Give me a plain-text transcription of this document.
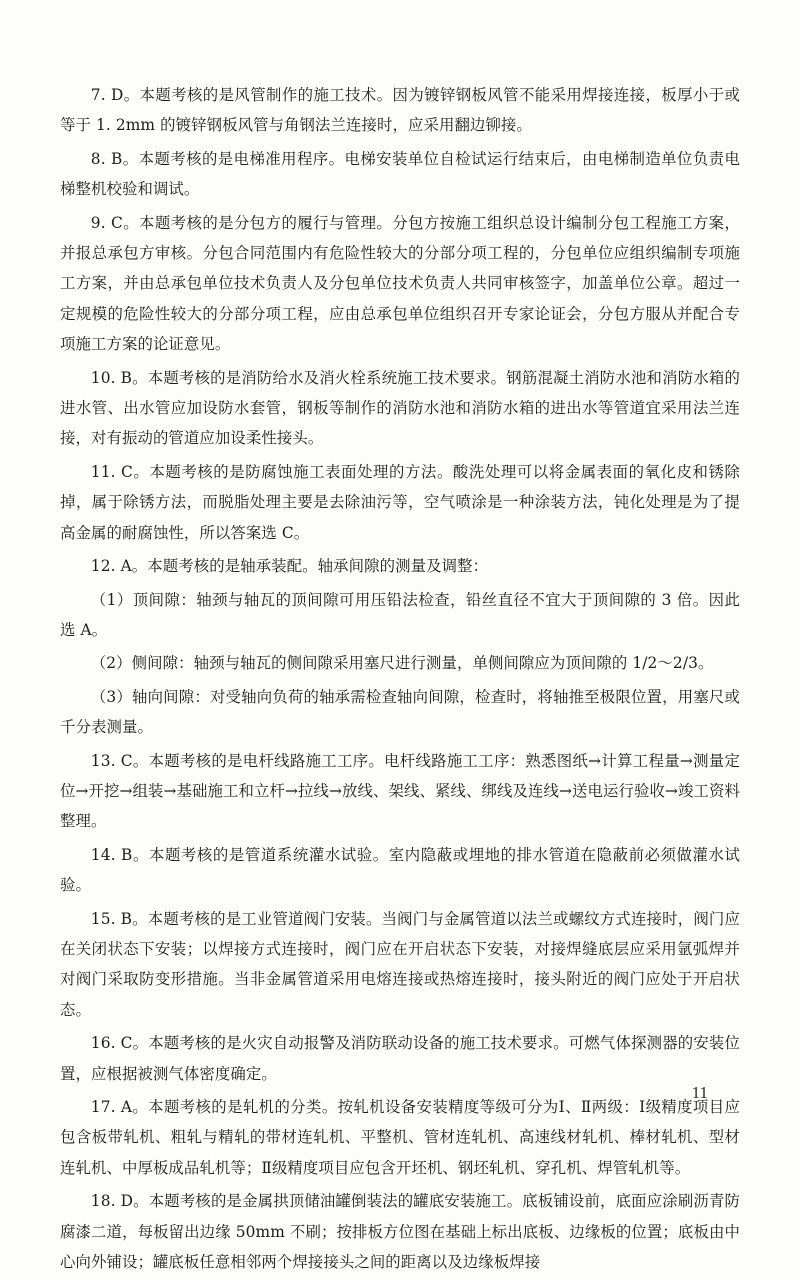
7. D。本题考核的是风管制作的施工技术。因为镀锌钢板风管不能采用焊接连接，板厚小于或等于 1. 2mm 的镀锌钢板风管与角钢法兰连接时，应采用翻边铆接。

8. B。本题考核的是电梯准用程序。电梯安装单位自检试运行结束后，由电梯制造单位负责电梯整机校验和调试。

9. C。本题考核的是分包方的履行与管理。分包方按施工组织总设计编制分包工程施工方案，并报总承包方审核。分包合同范围内有危险性较大的分部分项工程的，分包单位应组织编制专项施工方案，并由总承包单位技术负责人及分包单位技术负责人共同审核签字，加盖单位公章。超过一定规模的危险性较大的分部分项工程，应由总承包单位组织召开专家论证会，分包方服从并配合专项施工方案的论证意见。

10. B。本题考核的是消防给水及消火栓系统施工技术要求。钢筋混凝土消防水池和消防水箱的进水管、出水管应加设防水套管，钢板等制作的消防水池和消防水箱的进出水等管道宜采用法兰连接，对有振动的管道应加设柔性接头。

11. C。本题考核的是防腐蚀施工表面处理的方法。酸洗处理可以将金属表面的氧化皮和锈除掉，属于除锈方法，而脱脂处理主要是去除油污等，空气喷涂是一种涂装方法，钝化处理是为了提高金属的耐腐蚀性，所以答案选 C。

12. A。本题考核的是轴承装配。轴承间隙的测量及调整：

（1）顶间隙：轴颈与轴瓦的顶间隙可用压铅法检查，铅丝直径不宜大于顶间隙的 3 倍。因此选 A。

（2）侧间隙：轴颈与轴瓦的侧间隙采用塞尺进行测量，单侧间隙应为顶间隙的 1/2～2/3。

（3）轴向间隙：对受轴向负荷的轴承需检查轴向间隙，检查时，将轴推至极限位置，用塞尺或千分表测量。

13. C。本题考核的是电杆线路施工工序。电杆线路施工工序：熟悉图纸→计算工程量→测量定位→开挖→组装→基础施工和立杆→拉线→放线、架线、紧线、绑线及连线→送电运行验收→竣工资料整理。

14. B。本题考核的是管道系统灌水试验。室内隐蔽或埋地的排水管道在隐蔽前必须做灌水试验。

15. B。本题考核的是工业管道阀门安装。当阀门与金属管道以法兰或螺纹方式连接时，阀门应在关闭状态下安装；以焊接方式连接时，阀门应在开启状态下安装，对接焊缝底层应采用氩弧焊并对阀门采取防变形措施。当非金属管道采用电熔连接或热熔连接时，接头附近的阀门应处于开启状态。

16. C。本题考核的是火灾自动报警及消防联动设备的施工技术要求。可燃气体探测器的安装位置，应根据被测气体密度确定。

17. A。本题考核的是轧机的分类。按轧机设备安装精度等级可分为Ⅰ、Ⅱ两级：Ⅰ级精度项目应包含板带轧机、粗轧与精轧的带材连轧机、平整机、管材连轧机、高速线材轧机、棒材轧机、型材连轧机、中厚板成品轧机等；Ⅱ级精度项目应包含开坯机、钢坯轧机、穿孔机、焊管轧机等。

18. D。本题考核的是金属拱顶储油罐倒装法的罐底安装施工。底板铺设前，底面应涂刷沥青防腐漆二道，每板留出边缘 50mm 不刷；按排板方位图在基础上标出底板、边缘板的位置；底板由中心向外铺设；罐底板任意相邻两个焊接接头之间的距离以及边缘板焊接

11
